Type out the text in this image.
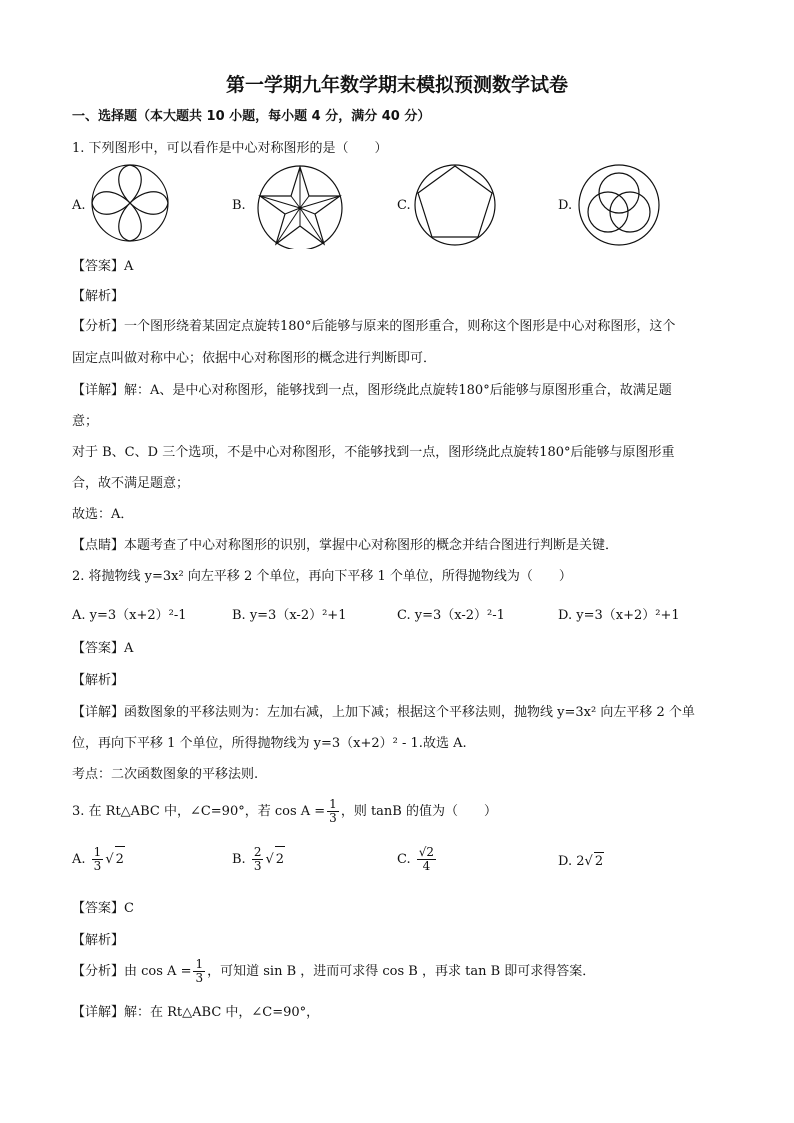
第一学期九年数学期末模拟预测数学试卷
一、选择题（本大题共 10 小题，每小题 4 分，满分 40 分）
1. 下列图形中，可以看作是中心对称图形的是（　　）
A.	B.	C.	D.
【答案】A
【解析】
【分析】一个图形绕着某固定点旋转180°后能够与原来的图形重合，则称这个图形是中心对称图形，这个
固定点叫做对称中心；依据中心对称图形的概念进行判断即可．
【详解】解：A、是中心对称图形，能够找到一点，图形绕此点旋转180°后能够与原图形重合，故满足题
意；
对于 B、C、D 三个选项，不是中心对称图形，不能够找到一点，图形绕此点旋转180°后能够与原图形重
合，故不满足题意；
故选：A．
【点睛】本题考查了中心对称图形的识别，掌握中心对称图形的概念并结合图进行判断是关键．
2. 将抛物线 y=3x² 向左平移 2 个单位，再向下平移 1 个单位，所得抛物线为（　　）
A. y=3（x+2）²-1	B. y=3（x-2）²+1	C. y=3（x-2）²-1	D. y=3（x+2）²+1
【答案】A
【解析】
【详解】函数图象的平移法则为：左加右减，上加下减；根据这个平移法则，抛物线 y=3x² 向左平移 2 个单
位，再向下平移 1 个单位，所得抛物线为 y=3（x+2）² - 1.故选 A.
考点：二次函数图象的平移法则.
3. 在 Rt△ABC 中，∠C=90°，若 $\cos A = \frac{1}{3}$ ，则 tanB 的值为（　　）
A. $\frac{1}{3}$ √ 2	B. $\frac{2}{3}$ √ 2	C. $\frac{√2}{4}$	D. 2√ 2
【答案】C
【解析】
【分析】由 $\cos A = \frac{1}{3}$ ，可知道 sin B ，进而可求得 cos B ，再求 tan B 即可求得答案．
【详解】解：在 Rt△ABC 中，∠C=90°，
